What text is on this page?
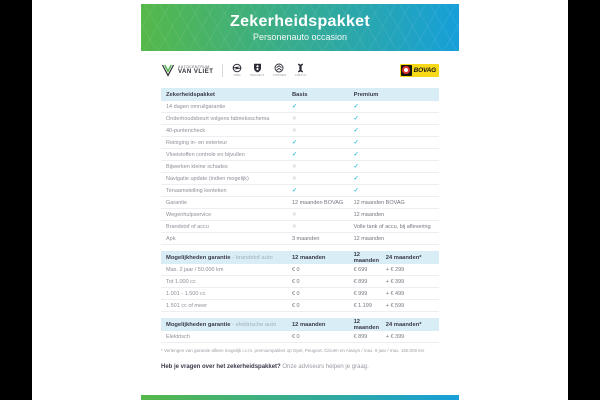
Zekerheidspakket
Personenauto occasion
AUTOCENTRUM
VAN VLIET
OPEL	PEUGEOT	CITROËN	AIWAYS
BOVAG
Zekerheidspakket	Basis	Premium
14 dagen omruilgarantie	✓	✓
Onderhoudsbeurt volgens fabrieksschema	✕	✓
40-puntencheck	✕	✓
Reiniging in- en exterieur	✓	✓
Vloeistoffen controle en bijvullen	✓	✓
Bijwerken kleine schades	✕	✓
Navigatie update (indien mogelijk)	✕	✓
Tenaamstelling kenteken	✓	✓
Garantie	12 maanden BOVAG	12 maanden BOVAG
Wegenhulpservice	✕	12 maanden
Brandstof of accu	✕	Volle tank of accu, bij aflevering
Apk	3 maanden	12 maanden
Mogelijkheden garantie - brandstof auto	12 maanden	12 maanden	24 maanden*
Max. 2 jaar / 50.000 km	€ 0	€ 699	+ € 299
Tot 1.000 cc	€ 0	€ 899	+ € 399
1.001 - 1.500 cc	€ 0	€ 999	+ € 499
1.501 cc of meer	€ 0	€ 1.199	+ € 599
Mogelijkheden garantie - elektrische auto	12 maanden	12 maanden	24 maanden*
Elektrisch	€ 0	€ 899	+ € 399
* Verlengen van garantie alleen mogelijk i.c.m. premiumpakket op Opel, Peugeot, Citroën en Aiways / max. 8 jaar / max. 150.000 km
Heb je vragen over het zekerheidspakket? Onze adviseurs helpen je graag.
